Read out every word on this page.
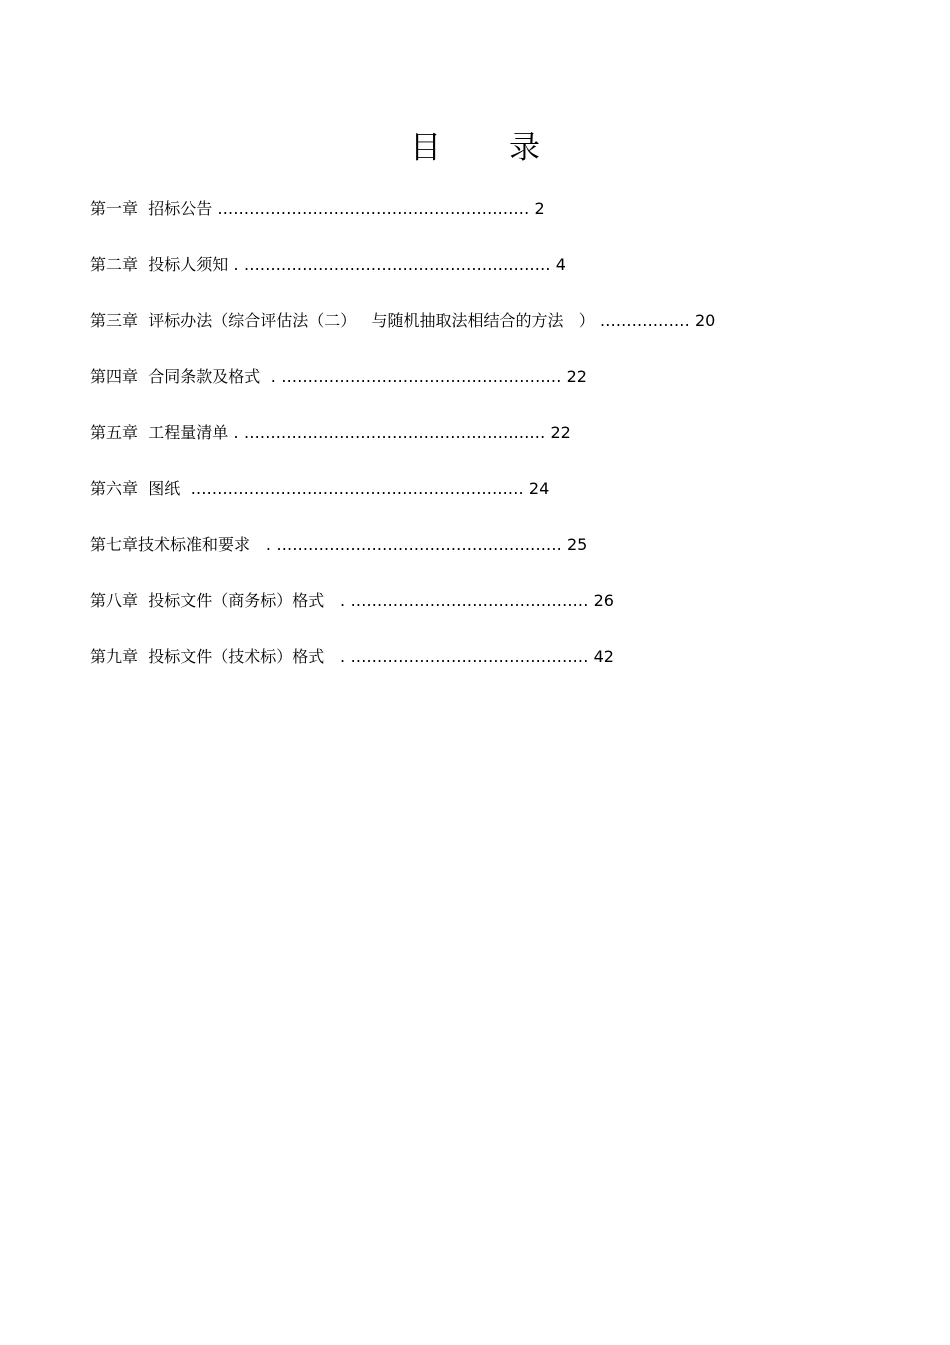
目 录
第一章 招标公告 ........................................................... 2
第二章 投标人须知 . .......................................................... 4
第三章 评标办法（综合评估法（二）   与随机抽取法相结合的方法   ） ................. 20
第四章 合同条款及格式  . ..................................................... 22
第五章 工程量清单 . ......................................................... 22
第六章 图纸  ............................................................... 24
第七章技术标准和要求   . ...................................................... 25
第八章 投标文件（商务标）格式   . ............................................. 26
第九章 投标文件（技术标）格式   . ............................................. 42
